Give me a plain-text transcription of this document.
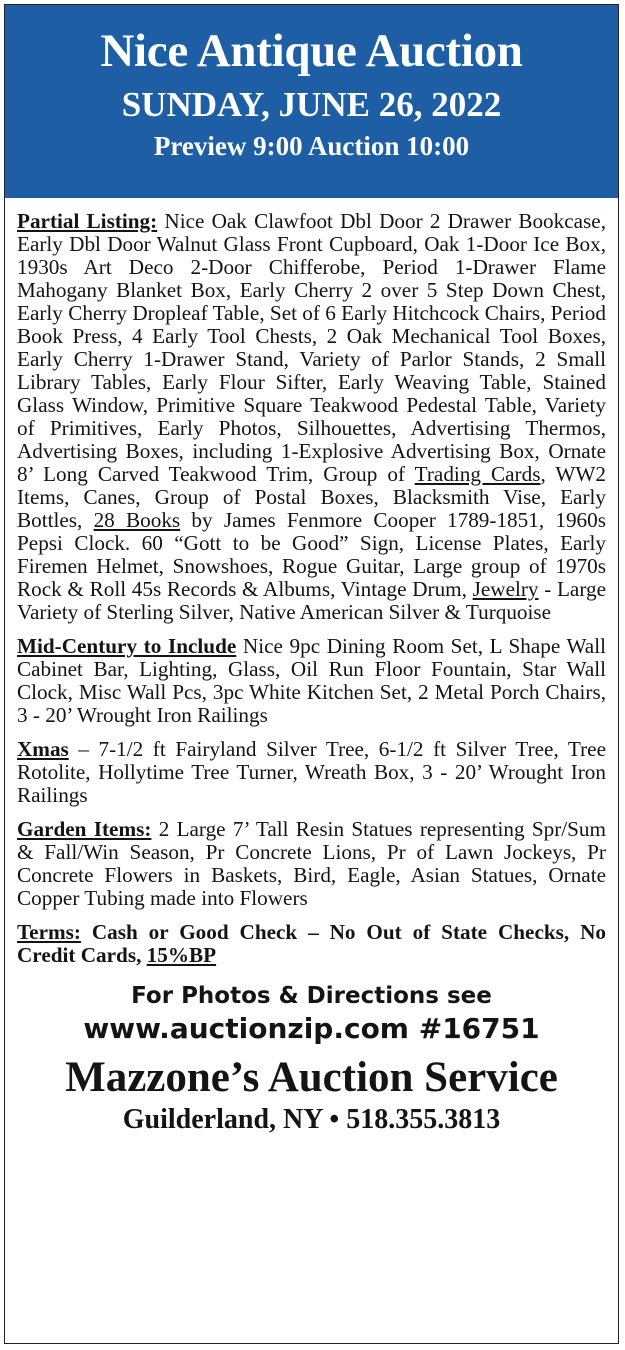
Nice Antique Auction
SUNDAY, JUNE 26, 2022
Preview 9:00 Auction 10:00

Partial Listing: Nice Oak Clawfoot Dbl Door 2 Drawer Bookcase, Early Dbl Door Walnut Glass Front Cupboard, Oak 1-Door Ice Box, 1930s Art Deco 2-Door Chifferobe, Period 1-Drawer Flame Mahogany Blanket Box, Early Cherry 2 over 5 Step Down Chest, Early Cherry Dropleaf Table, Set of 6 Early Hitchcock Chairs, Period Book Press, 4 Early Tool Chests, 2 Oak Mechanical Tool Boxes, Early Cherry 1-Drawer Stand, Variety of Parlor Stands, 2 Small Library Tables, Early Flour Sifter, Early Weaving Table, Stained Glass Window, Primitive Square Teakwood Pedestal Table, Variety of Primitives, Early Photos, Silhouettes, Advertising Thermos, Advertising Boxes, including 1-Explosive Advertising Box, Ornate 8’ Long Carved Teakwood Trim, Group of Trading Cards, WW2 Items, Canes, Group of Postal Boxes, Blacksmith Vise, Early Bottles, 28 Books by James Fenmore Cooper 1789-1851, 1960s Pepsi Clock. 60 “Gott to be Good” Sign, License Plates, Early Firemen Helmet, Snowshoes, Rogue Guitar, Large group of 1970s Rock & Roll 45s Records & Albums, Vintage Drum, Jewelry - Large Variety of Sterling Silver, Native American Silver & Turquoise

Mid-Century to Include Nice 9pc Dining Room Set, L Shape Wall Cabinet Bar, Lighting, Glass, Oil Run Floor Fountain, Star Wall Clock, Misc Wall Pcs, 3pc White Kitchen Set, 2 Metal Porch Chairs, 3 - 20’ Wrought Iron Railings

Xmas – 7-1/2 ft Fairyland Silver Tree, 6-1/2 ft Silver Tree, Tree Rotolite, Hollytime Tree Turner, Wreath Box, 3 - 20’ Wrought Iron Railings

Garden Items: 2 Large 7’ Tall Resin Statues representing Spr/Sum & Fall/Win Season, Pr Concrete Lions, Pr of Lawn Jockeys, Pr Concrete Flowers in Baskets, Bird, Eagle, Asian Statues, Ornate Copper Tubing made into Flowers

Terms: Cash or Good Check – No Out of State Checks, No Credit Cards, 15%BP

For Photos & Directions see
www.auctionzip.com #16751
Mazzone’s Auction Service
Guilderland, NY • 518.355.3813
